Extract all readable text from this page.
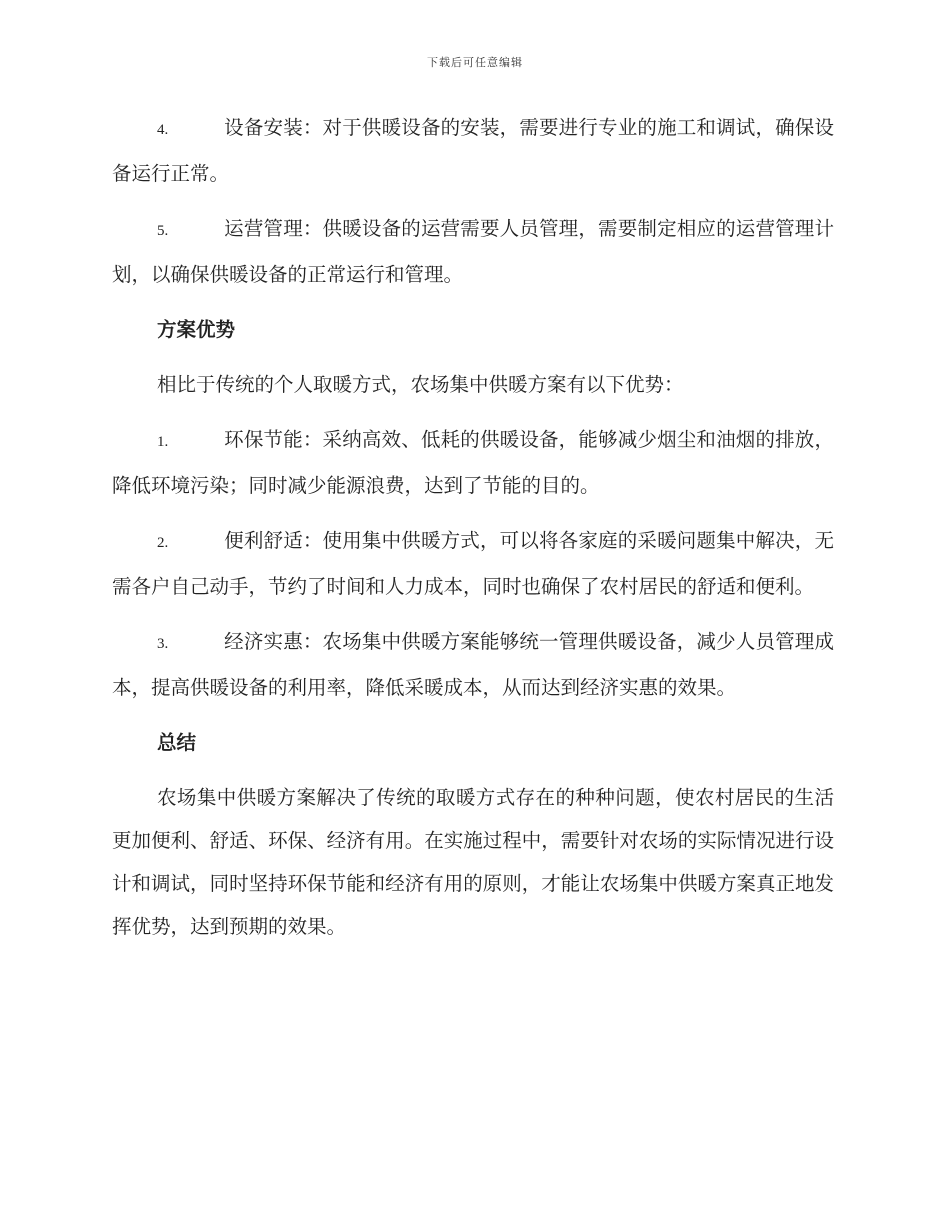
下载后可任意编辑

4.	设备安装：对于供暖设备的安装，需要进行专业的施工和调试，确保设备运行正常。

5.	运营管理：供暖设备的运营需要人员管理，需要制定相应的运营管理计划，以确保供暖设备的正常运行和管理。

方案优势

相比于传统的个人取暖方式，农场集中供暖方案有以下优势：

1.	环保节能：采纳高效、低耗的供暖设备，能够减少烟尘和油烟的排放，降低环境污染；同时减少能源浪费，达到了节能的目的。

2.	便利舒适：使用集中供暖方式，可以将各家庭的采暖问题集中解决，无需各户自己动手，节约了时间和人力成本，同时也确保了农村居民的舒适和便利。

3.	经济实惠：农场集中供暖方案能够统一管理供暖设备，减少人员管理成本，提高供暖设备的利用率，降低采暖成本，从而达到经济实惠的效果。

总结

农场集中供暖方案解决了传统的取暖方式存在的种种问题，使农村居民的生活更加便利、舒适、环保、经济有用。在实施过程中，需要针对农场的实际情况进行设计和调试，同时坚持环保节能和经济有用的原则，才能让农场集中供暖方案真正地发挥优势，达到预期的效果。
